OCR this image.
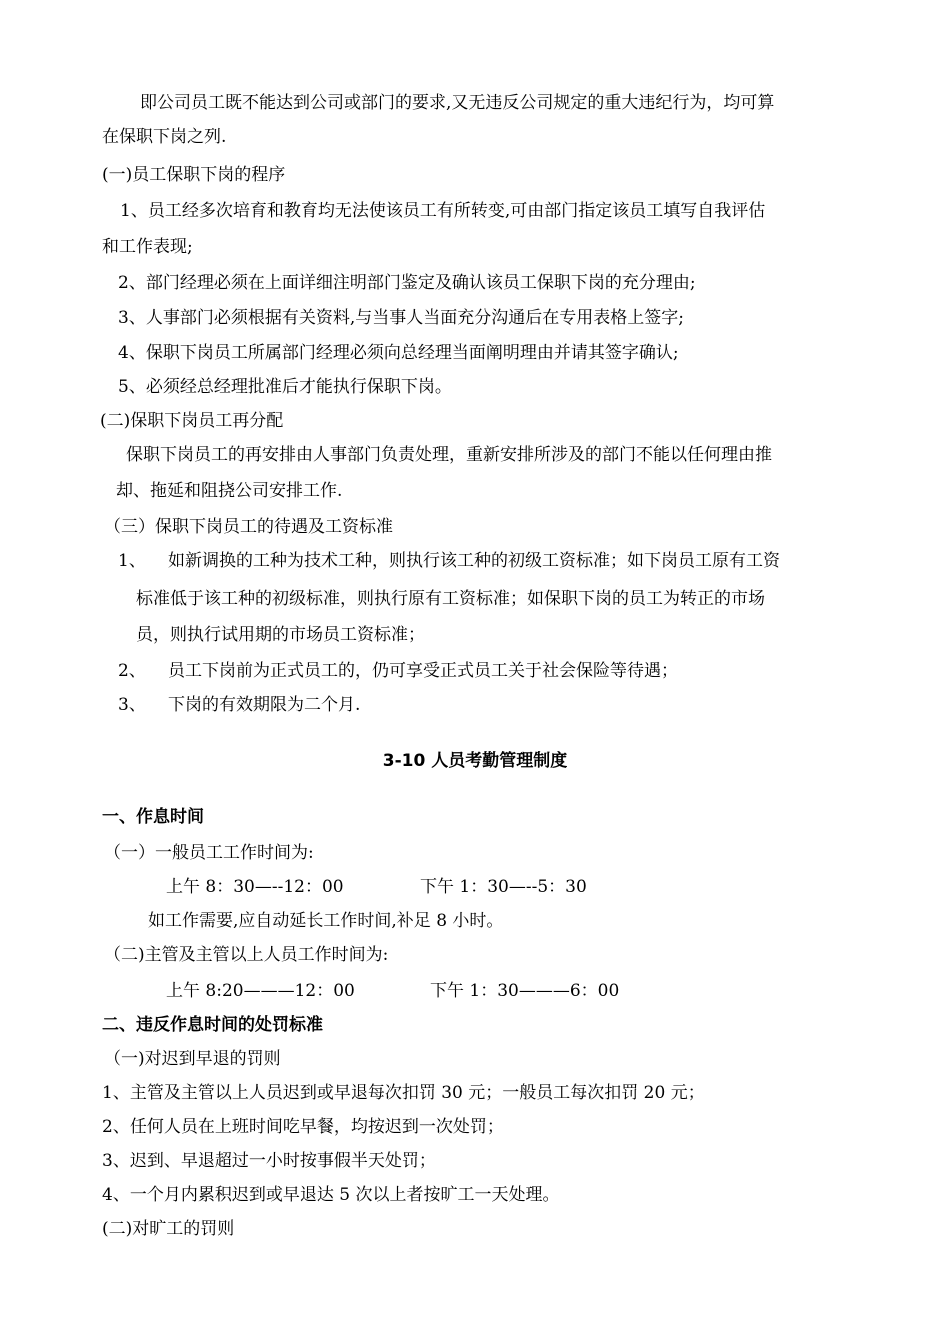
即公司员工既不能达到公司或部门的要求,又无违反公司规定的重大违纪行为，均可算
在保职下岗之列.
(一)员工保职下岗的程序
1、员工经多次培育和教育均无法使该员工有所转变,可由部门指定该员工填写自我评估
和工作表现;
2、部门经理必须在上面详细注明部门鉴定及确认该员工保职下岗的充分理由;
3、人事部门必须根据有关资料,与当事人当面充分沟通后在专用表格上签字;
4、保职下岗员工所属部门经理必须向总经理当面阐明理由并请其签字确认;
5、必须经总经理批准后才能执行保职下岗。
(二)保职下岗员工再分配
保职下岗员工的再安排由人事部门负责处理，重新安排所涉及的部门不能以任何理由推
却、拖延和阻挠公司安排工作.
（三）保职下岗员工的待遇及工资标准
1、 如新调换的工种为技术工种，则执行该工种的初级工资标准；如下岗员工原有工资
标准低于该工种的初级标准，则执行原有工资标准；如保职下岗的员工为转正的市场
员，则执行试用期的市场员工资标准；
2、 员工下岗前为正式员工的，仍可享受正式员工关于社会保险等待遇；
3、 下岗的有效期限为二个月.
3-10 人员考勤管理制度
一、作息时间
（一）一般员工工作时间为:
上午 8：30—--12：00	下午 1：30—--5：30
如工作需要,应自动延长工作时间,补足 8 小时。
（二)主管及主管以上人员工作时间为:
上午 8:20———12：00	下午 1：30———6：00
二、违反作息时间的处罚标准
（一)对迟到早退的罚则
1、主管及主管以上人员迟到或早退每次扣罚 30 元；一般员工每次扣罚 20 元；
2、任何人员在上班时间吃早餐，均按迟到一次处罚；
3、迟到、早退超过一小时按事假半天处罚；
4、一个月内累积迟到或早退达 5 次以上者按旷工一天处理。
(二)对旷工的罚则
